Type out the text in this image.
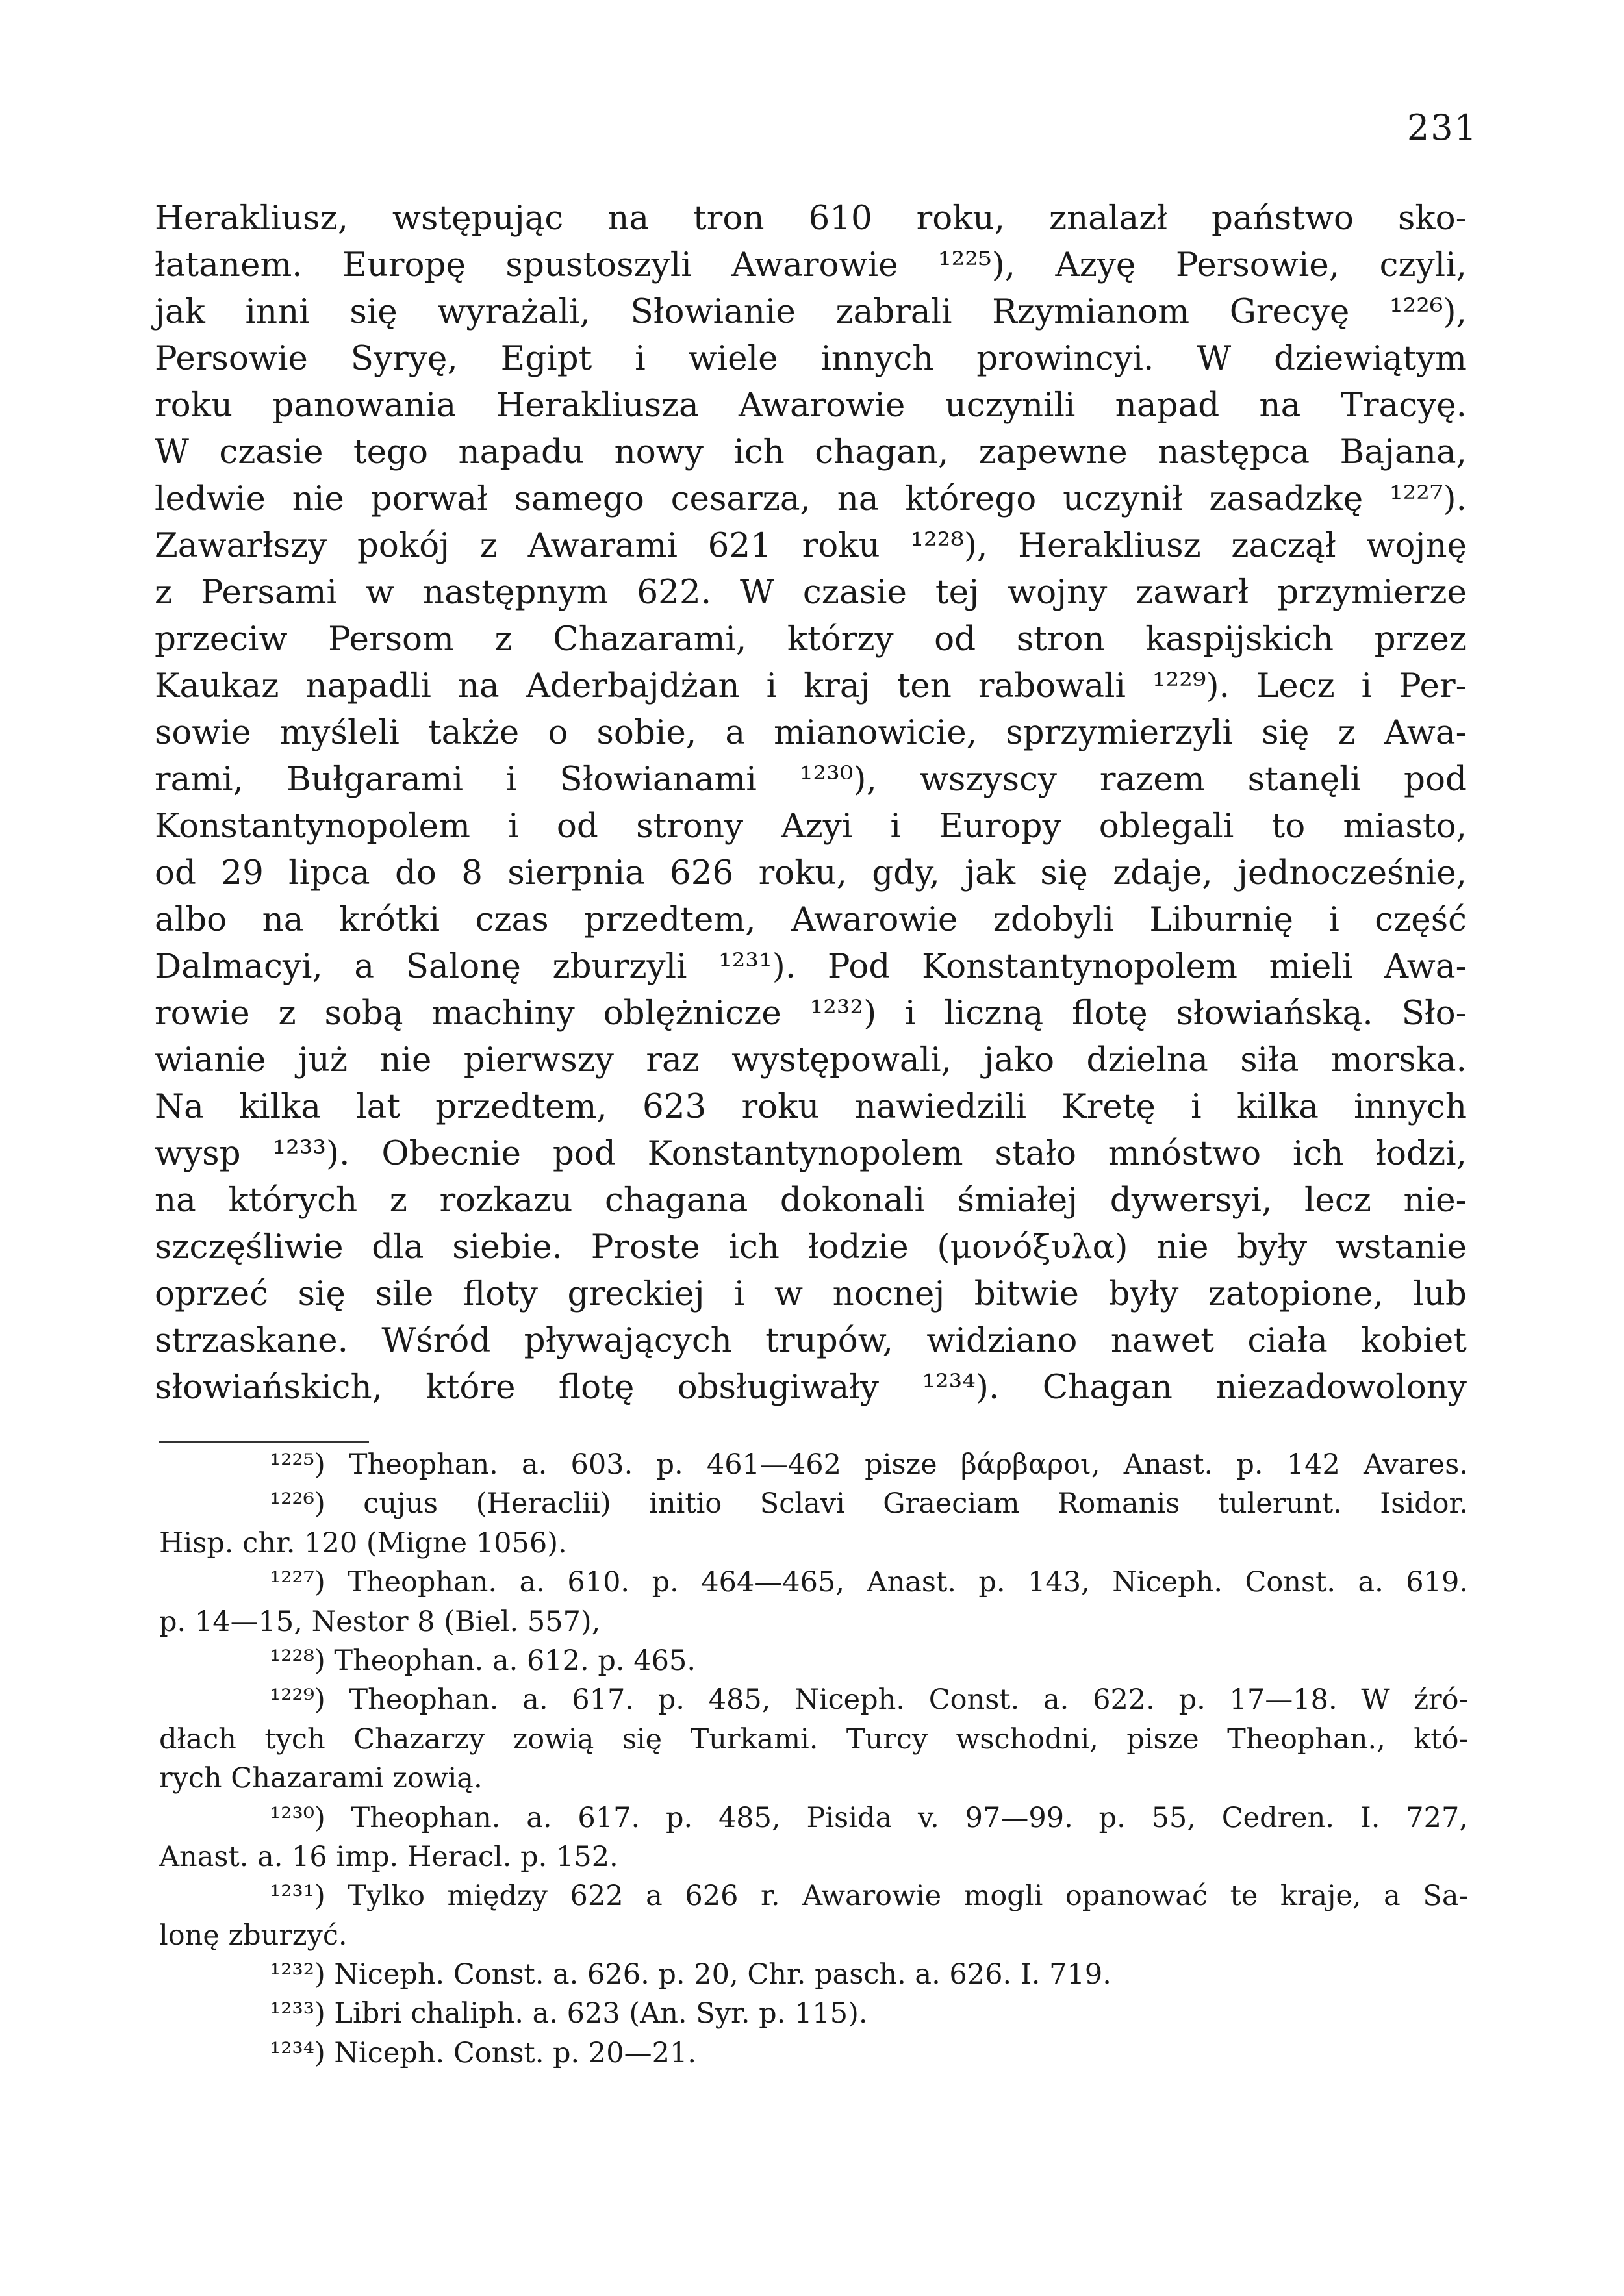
231
Herakliusz, wstępując na tron 610 roku, znalazł państwo sko-
łatanem. Europę spustoszyli Awarowie ¹²²⁵), Azyę Persowie, czyli,
jak inni się wyrażali, Słowianie zabrali Rzymianom Grecyę ¹²²⁶),
Persowie Syryę, Egipt i wiele innych prowincyi. W dziewiątym
roku panowania Herakliusza Awarowie uczynili napad na Tracyę.
W czasie tego napadu nowy ich chagan, zapewne następca Bajana,
ledwie nie porwał samego cesarza, na którego uczynił zasadzkę ¹²²⁷).
Zawarłszy pokój z Awarami 621 roku ¹²²⁸), Herakliusz zaczął wojnę
z Persami w następnym 622. W czasie tej wojny zawarł przymierze
przeciw Persom z Chazarami, którzy od stron kaspijskich przez
Kaukaz napadli na Aderbajdżan i kraj ten rabowali ¹²²⁹). Lecz i Per-
sowie myśleli także o sobie, a mianowicie, sprzymierzyli się z Awa-
rami, Bułgarami i Słowianami ¹²³⁰), wszyscy razem stanęli pod
Konstantynopolem i od strony Azyi i Europy oblegali to miasto,
od 29 lipca do 8 sierpnia 626 roku, gdy, jak się zdaje, jednocześnie,
albo na krótki czas przedtem, Awarowie zdobyli Liburnię i część
Dalmacyi, a Salonę zburzyli ¹²³¹). Pod Konstantynopolem mieli Awa-
rowie z sobą machiny oblężnicze ¹²³²) i liczną flotę słowiańską. Sło-
wianie już nie pierwszy raz występowali, jako dzielna siła morska.
Na kilka lat przedtem, 623 roku nawiedzili Kretę i kilka innych
wysp ¹²³³). Obecnie pod Konstantynopolem stało mnóstwo ich łodzi,
na których z rozkazu chagana dokonali śmiałej dywersyi, lecz nie-
szczęśliwie dla siebie. Proste ich łodzie (μονόξυλα) nie były wstanie
oprzeć się sile floty greckiej i w nocnej bitwie były zatopione, lub
strzaskane. Wśród pływających trupów, widziano nawet ciała kobiet
słowiańskich, które flotę obsługiwały ¹²³⁴). Chagan niezadowolony
¹²²⁵) Theophan. a. 603. p. 461—462 pisze βάρβαροι, Anast. p. 142 Avares.
¹²²⁶) cujus (Heraclii) initio Sclavi Graeciam Romanis tulerunt. Isidor.
Hisp. chr. 120 (Migne 1056).
¹²²⁷) Theophan. a. 610. p. 464—465, Anast. p. 143, Niceph. Const. a. 619.
p. 14—15, Nestor 8 (Biel. 557),
¹²²⁸) Theophan. a. 612. p. 465.
¹²²⁹) Theophan. a. 617. p. 485, Niceph. Const. a. 622. p. 17—18. W źró-
dłach tych Chazarzy zowią się Turkami. Turcy wschodni, pisze Theophan., któ-
rych Chazarami zowią.
¹²³⁰) Theophan. a. 617. p. 485, Pisida v. 97—99. p. 55, Cedren. I. 727,
Anast. a. 16 imp. Heracl. p. 152.
¹²³¹) Tylko między 622 a 626 r. Awarowie mogli opanować te kraje, a Sa-
lonę zburzyć.
¹²³²) Niceph. Const. a. 626. p. 20, Chr. pasch. a. 626. I. 719.
¹²³³) Libri chaliph. a. 623 (An. Syr. p. 115).
¹²³⁴) Niceph. Const. p. 20—21.
